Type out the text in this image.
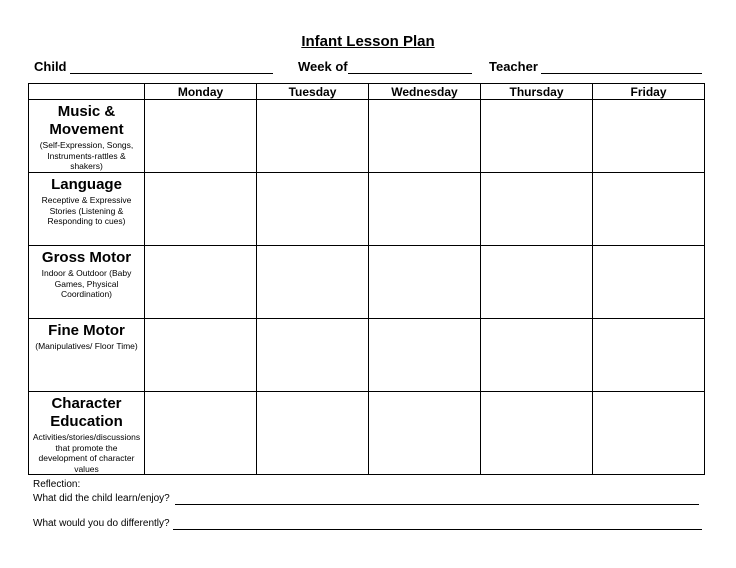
Infant Lesson Plan
Child	Week of	Teacher
	Monday	Tuesday	Wednesday	Thursday	Friday

Music &
Movement
(Self-Expression, Songs, Instruments-rattles & shakers)					

Language
Receptive & Expressive Stories (Listening & Responding to cues)					

Gross Motor
Indoor & Outdoor (Baby Games, Physical Coordination)					

Fine Motor
(Manipulatives/ Floor Time)					

Character
Education
Activities/stories/discussions that promote the development of character values					

Reflection:
What did the child learn/enjoy?
What would you do differently?
